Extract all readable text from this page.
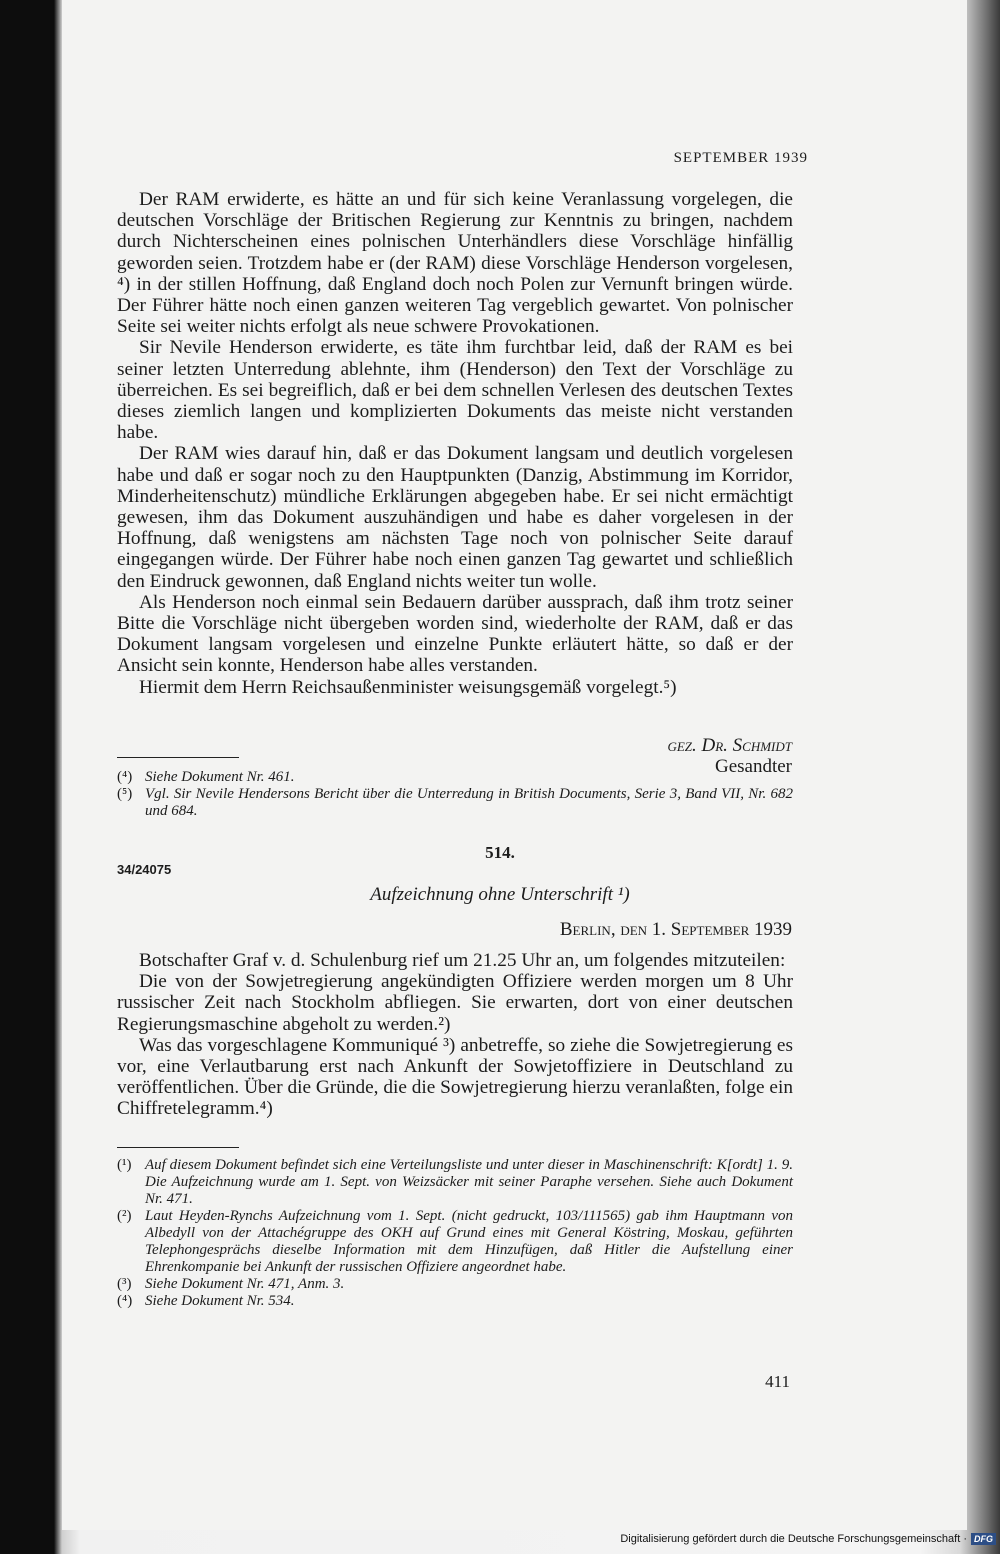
SEPTEMBER 1939

Der RAM erwiderte, es hätte an und für sich keine Veranlassung vorgelegen, die deutschen Vorschläge der Britischen Regierung zur Kenntnis zu bringen, nachdem durch Nichterscheinen eines polnischen Unterhändlers diese Vorschläge hinfällig geworden seien. Trotzdem habe er (der RAM) diese Vorschläge Henderson vorgelesen, ⁴) in der stillen Hoffnung, daß England doch noch Polen zur Vernunft bringen würde. Der Führer hätte noch einen ganzen weiteren Tag vergeblich gewartet. Von polnischer Seite sei weiter nichts erfolgt als neue schwere Provokationen.

Sir Nevile Henderson erwiderte, es täte ihm furchtbar leid, daß der RAM es bei seiner letzten Unterredung ablehnte, ihm (Henderson) den Text der Vorschläge zu überreichen. Es sei begreiflich, daß er bei dem schnellen Verlesen des deutschen Textes dieses ziemlich langen und komplizierten Dokuments das meiste nicht verstanden habe.

Der RAM wies darauf hin, daß er das Dokument langsam und deutlich vorgelesen habe und daß er sogar noch zu den Hauptpunkten (Danzig, Abstimmung im Korridor, Minderheitenschutz) mündliche Erklärungen abgegeben habe. Er sei nicht ermächtigt gewesen, ihm das Dokument auszuhändigen und habe es daher vorgelesen in der Hoffnung, daß wenigstens am nächsten Tage noch von polnischer Seite darauf eingegangen würde. Der Führer habe noch einen ganzen Tag gewartet und schließlich den Eindruck gewonnen, daß England nichts weiter tun wolle.

Als Henderson noch einmal sein Bedauern darüber aussprach, daß ihm trotz seiner Bitte die Vorschläge nicht übergeben worden sind, wiederholte der RAM, daß er das Dokument langsam vorgelesen und einzelne Punkte erläutert hätte, so daß er der Ansicht sein konnte, Henderson habe alles verstanden.

Hiermit dem Herrn Reichsaußenminister weisungsgemäß vorgelegt.⁵)

gez. Dr. Schmidt
Gesandter
(⁴) Siehe Dokument Nr. 461.
(⁵) Vgl. Sir Nevile Hendersons Bericht über die Unterredung in British Documents, Serie 3, Band VII, Nr. 682 und 684.
514.
34/24075
Aufzeichnung ohne Unterschrift ¹)
Berlin, den 1. September 1939

Botschafter Graf v. d. Schulenburg rief um 21.25 Uhr an, um folgendes mitzuteilen:

Die von der Sowjetregierung angekündigten Offiziere werden morgen um 8 Uhr russischer Zeit nach Stockholm abfliegen. Sie erwarten, dort von einer deutschen Regierungsmaschine abgeholt zu werden.²)

Was das vorgeschlagene Kommuniqué ³) anbetreffe, so ziehe die Sowjetregierung es vor, eine Verlautbarung erst nach Ankunft der Sowjetoffiziere in Deutschland zu veröffentlichen. Über die Gründe, die die Sowjetregierung hierzu veranlaßten, folge ein Chiffretelegramm.⁴)

(¹) Auf diesem Dokument befindet sich eine Verteilungsliste und unter dieser in Maschinenschrift: K[ordt] 1. 9. Die Aufzeichnung wurde am 1. Sept. von Weizsäcker mit seiner Paraphe versehen. Siehe auch Dokument Nr. 471.
(²) Laut Heyden-Rynchs Aufzeichnung vom 1. Sept. (nicht gedruckt, 103/111565) gab ihm Hauptmann von Albedyll von der Attachégruppe des OKH auf Grund eines mit General Köstring, Moskau, geführten Telephongesprächs dieselbe Information mit dem Hinzufügen, daß Hitler die Aufstellung einer Ehrenkompanie bei Ankunft der russischen Offiziere angeordnet habe.
(³) Siehe Dokument Nr. 471, Anm. 3.
(⁴) Siehe Dokument Nr. 534.
411
Digitalisierung gefördert durch die Deutsche Forschungsgemeinschaft · DFG
